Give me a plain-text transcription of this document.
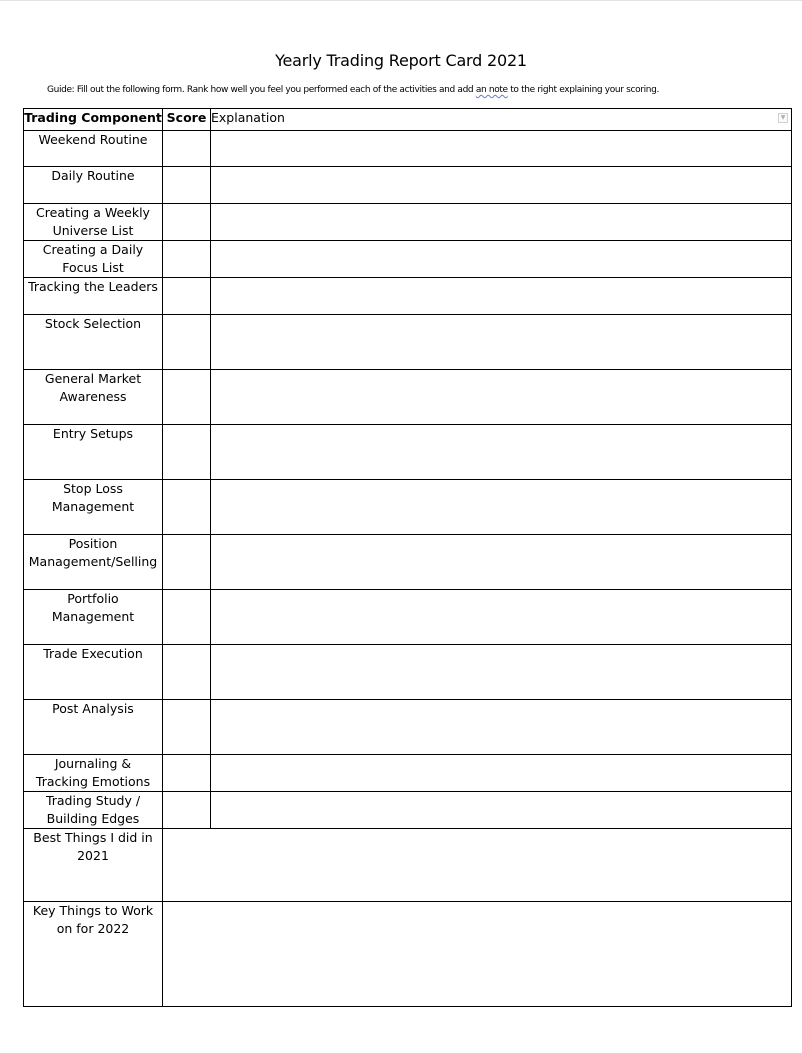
Yearly Trading Report Card 2021
Guide: Fill out the following form. Rank how well you feel you performed each of the activities and add an note to the right explaining your scoring.
Trading Component	Score	Explanation ▼

Weekend Routine		

Daily Routine		

Creating a Weekly Universe List		

Creating a Daily Focus List		

Tracking the Leaders		

Stock Selection		

General Market Awareness		

Entry Setups		

Stop Loss Management		

Position Management/Selling		

Portfolio Management		

Trade Execution		

Post Analysis		

Journaling & Tracking Emotions		

Trading Study / Building Edges		

Best Things I did in 2021		

Key Things to Work on for 2022		
